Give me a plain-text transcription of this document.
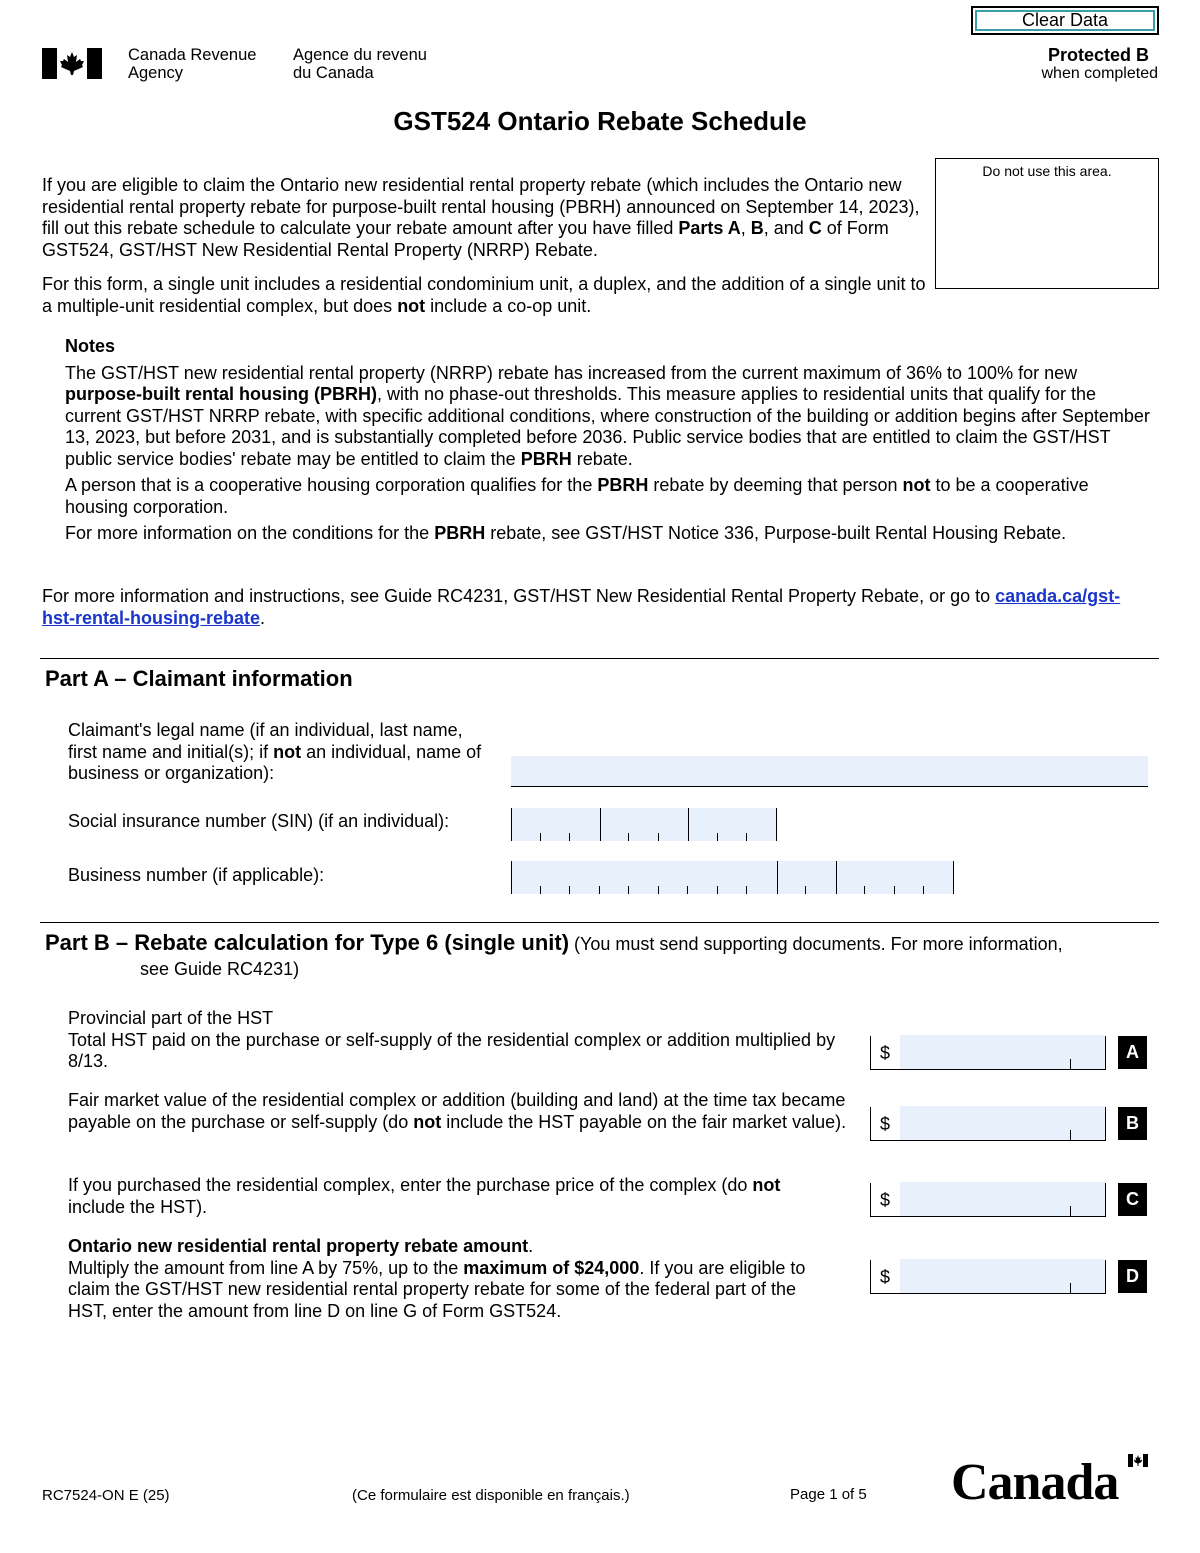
Clear Data
Canada Revenue
Agency
Agence du revenu
du Canada
Protected B
when completed
GST524 Ontario Rebate Schedule
Do not use this area.
If you are eligible to claim the Ontario new residential rental property rebate (which includes the Ontario new residential rental property rebate for purpose-built rental housing (PBRH) announced on September 14, 2023), fill out this rebate schedule to calculate your rebate amount after you have filled Parts A, B, and C of Form GST524, GST/HST New Residential Rental Property (NRRP) Rebate.
For this form, a single unit includes a residential condominium unit, a duplex, and the addition of a single unit to a multiple-unit residential complex, but does not include a co-op unit.
Notes
The GST/HST new residential rental property (NRRP) rebate has increased from the current maximum of 36% to 100% for new purpose-built rental housing (PBRH), with no phase-out thresholds. This measure applies to residential units that qualify for the current GST/HST NRRP rebate, with specific additional conditions, where construction of the building or addition begins after September 13, 2023, but before 2031, and is substantially completed before 2036. Public service bodies that are entitled to claim the GST/HST public service bodies' rebate may be entitled to claim the PBRH rebate.
A person that is a cooperative housing corporation qualifies for the PBRH rebate by deeming that person not to be a cooperative housing corporation.
For more information on the conditions for the PBRH rebate, see GST/HST Notice 336, Purpose-built Rental Housing Rebate.
For more information and instructions, see Guide RC4231, GST/HST New Residential Rental Property Rebate, or go to canada.ca/gst-hst-rental-housing-rebate.
Part A – Claimant information
Claimant's legal name (if an individual, last name, first name and initial(s); if not an individual, name of business or organization):
Social insurance number (SIN) (if an individual):
Business number (if applicable):
Part B – Rebate calculation for Type 6 (single unit) (You must send supporting documents. For more information,
see Guide RC4231)
Provincial part of the HST
Total HST paid on the purchase or self-supply of the residential complex or addition multiplied by 8/13.	$	A
Fair market value of the residential complex or addition (building and land) at the time tax became payable on the purchase or self-supply (do not include the HST payable on the fair market value).	$	B
If you purchased the residential complex, enter the purchase price of the complex (do not include the HST).	$	C
Ontario new residential rental property rebate amount.
Multiply the amount from line A by 75%, up to the maximum of $24,000. If you are eligible to claim the GST/HST new residential rental property rebate for some of the federal part of the HST, enter the amount from line D on line G of Form GST524.
$	D
RC7524-ON E (25)	(Ce formulaire est disponible en français.)	Page 1 of 5 Canada
